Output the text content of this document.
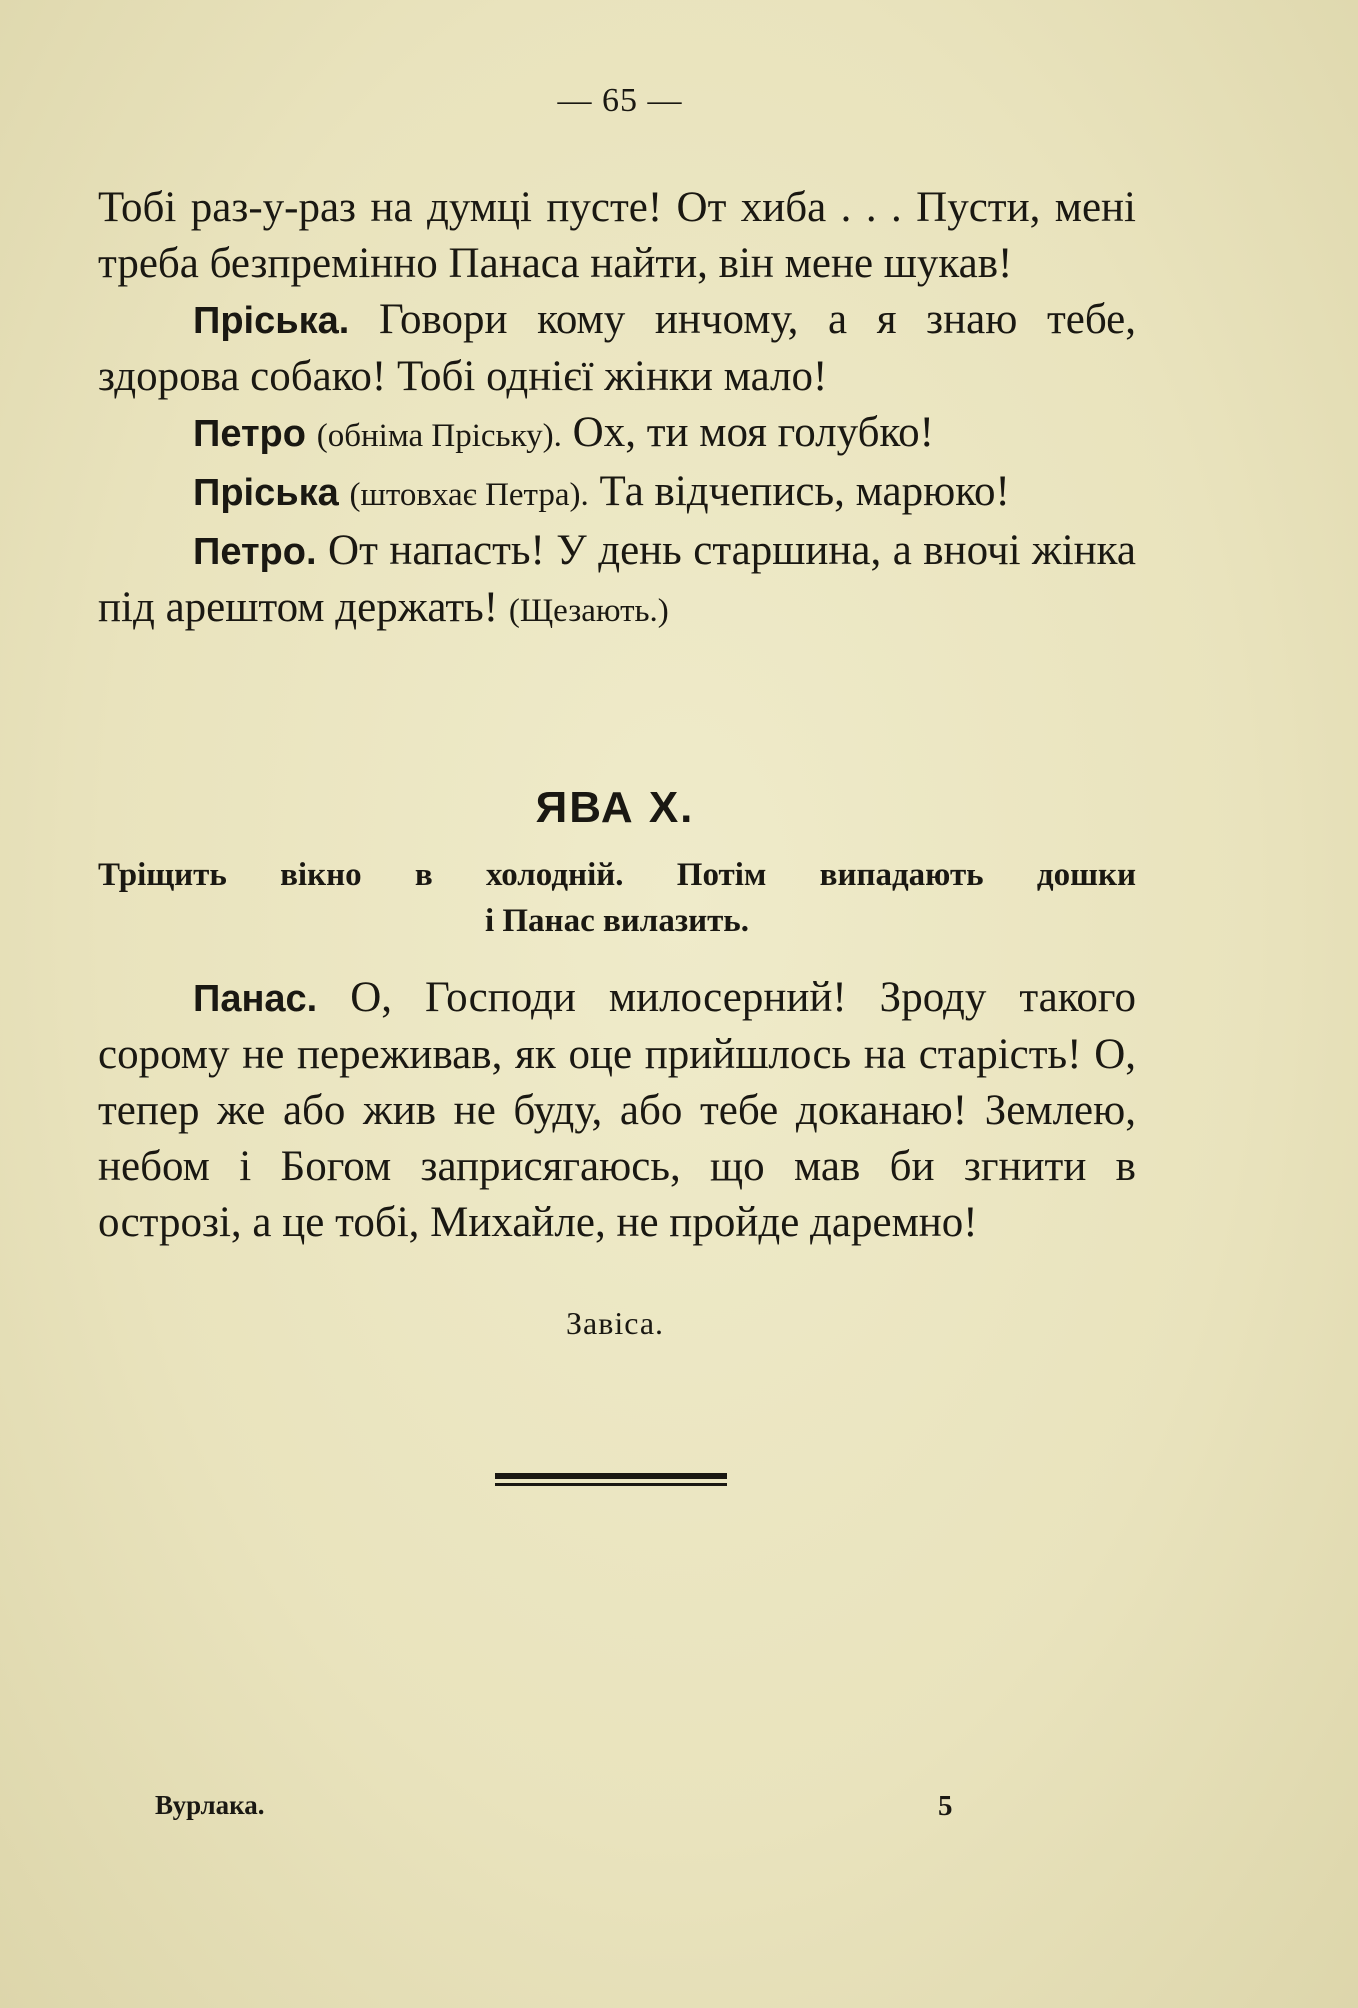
— 65 —

Тобі раз-у-раз на думці пусте! От хиба . . . Пусти, мені треба безпремінно Панаса найти, він мене шукав!

Пріська. Говори кому инчому, а я знаю тебе, здорова собако! Тобі однієї жінки мало!

Петро (обніма Пріську). Ох, ти моя голубко!

Пріська (штовхає Петра). Та відчепись, марюко!

Петро. От напасть! У день старшина, а вночі жінка під арештом держать! (Щезають.)

ЯВА X.
Тріщить вікно в холодній. Потім випадають дошки
і Панас вилазить.

Панас. О, Господи милосерний! Зроду такого сорому не переживав, як оце прийшлось на старість! О, тепер же або жив не буду, або тебе доканаю! Землею, небом і Богом заприсягаюсь, що мав би згнити в острозі, а це тобі, Михайле, не пройде даремно!

Завіса.
Вурлака.	5
